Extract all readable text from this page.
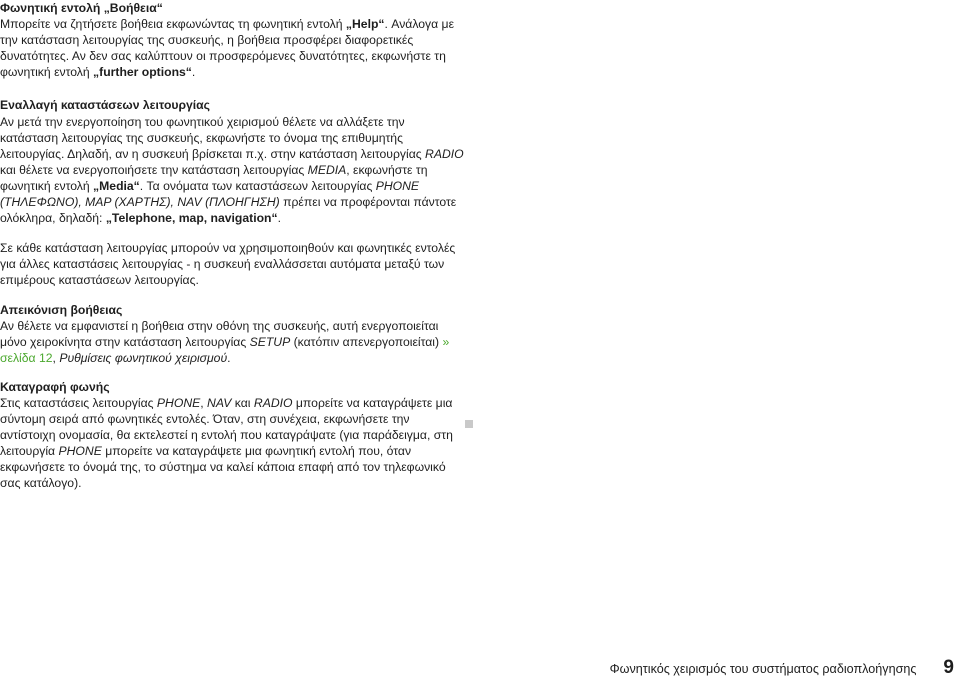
Φωνητική εντολή „Βοήθεια“

Μπορείτε να ζητήσετε βοήθεια εκφωνώντας τη φωνητική εντολή „Help“. Ανάλογα με την κατάσταση λειτουργίας της συσκευής, η βοήθεια προσφέρει διαφορετικές δυνατότητες. Αν δεν σας καλύπτουν οι προσφερόμενες δυνατότητες, εκφωνήστε τη φωνητική εντολή „further options“.

Εναλλαγή καταστάσεων λειτουργίας

Αν μετά την ενεργοποίηση του φωνητικού χειρισμού θέλετε να αλλάξετε την κατάσταση λειτουργίας της συσκευής, εκφωνήστε το όνομα της επιθυμητής λειτουργίας. Δηλαδή, αν η συσκευή βρίσκεται π.χ. στην κατάσταση λειτουργίας RADIO και θέλετε να ενεργοποιήσετε την κατάσταση λειτουργίας MEDIA, εκφωνήστε τη φωνητική εντολή „Media“. Τα ονόματα των καταστάσεων λειτουργίας PHONE (ΤΗΛΕΦΩΝΟ), MAP (ΧΑΡΤΗΣ), NAV (ΠΛΟΗΓΗΣΗ) πρέπει να προφέρονται πάντοτε ολόκληρα, δηλαδή: „Telephone, map, navigation“.

Σε κάθε κατάσταση λειτουργίας μπορούν να χρησιμοποιηθούν και φωνητικές εντολές για άλλες καταστάσεις λειτουργίας - η συσκευή εναλλάσσεται αυτόματα μεταξύ των επιμέρους καταστάσεων λειτουργίας.

Απεικόνιση βοήθειας

Αν θέλετε να εμφανιστεί η βοήθεια στην οθόνη της συσκευής, αυτή ενεργοποιείται μόνο χειροκίνητα στην κατάσταση λειτουργίας SETUP (κατόπιν απενεργοποιείται) » σελίδα 12, Ρυθμίσεις φωνητικού χειρισμού.

Καταγραφή φωνής

Στις καταστάσεις λειτουργίας PHONE, NAV και RADIO μπορείτε να καταγράψετε μια σύντομη σειρά από φωνητικές εντολές. Όταν, στη συνέχεια, εκφωνήσετε την αντίστοιχη ονομασία, θα εκτελεστεί η εντολή που καταγράψατε (για παράδειγμα, στη λειτουργία PHONE μπορείτε να καταγράψετε μια φωνητική εντολή που, όταν εκφωνήσετε το όνομά της, το σύστημα να καλεί κάποια επαφή από τον τηλεφωνικό σας κατάλογο).

Φωνητικός χειρισμός του συστήματος ραδιοπλοήγησης 9
